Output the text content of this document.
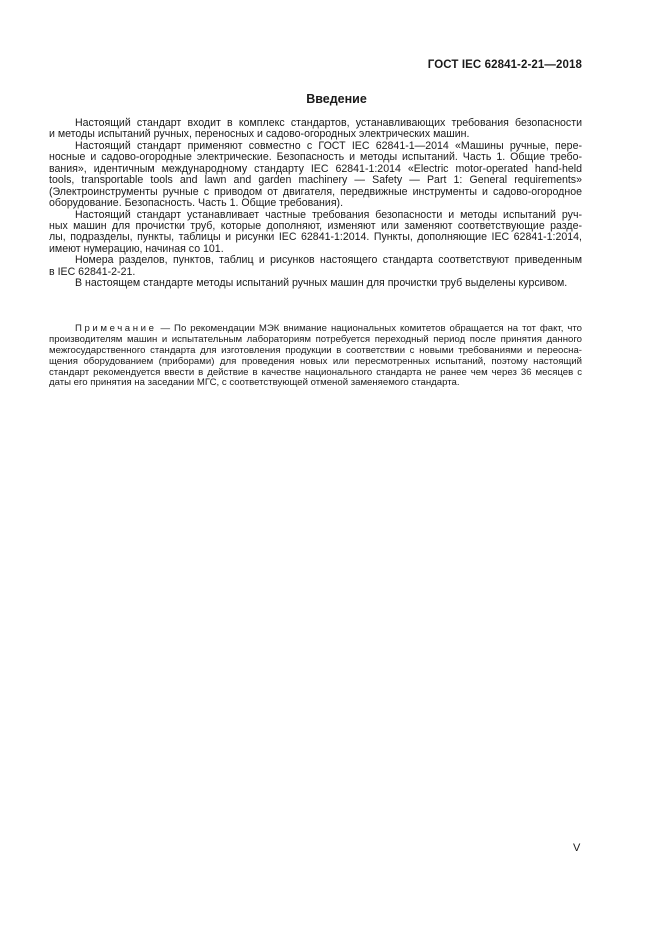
ГОСТ IEC 62841-2-21—2018
Введение
Настоящий стандарт входит в комплекс стандартов, устанавливающих требования безопасности
и методы испытаний ручных, переносных и садово-огородных электрических машин.
Настоящий стандарт применяют совместно с ГОСТ IEC 62841-1—2014 «Машины ручные, пере-
носные и садово-огородные электрические. Безопасность и методы испытаний. Часть 1. Общие требо-
вания», идентичным международному стандарту IEC 62841-1:2014 «Electric motor-operated hand-held
tools, transportable tools and lawn and garden machinery — Safety — Part 1: General requirements»
(Электроинструменты ручные с приводом от двигателя, передвижные инструменты и садово-огородное
оборудование. Безопасность. Часть 1. Общие требования).
Настоящий стандарт устанавливает частные требования безопасности и методы испытаний руч-
ных машин для прочистки труб, которые дополняют, изменяют или заменяют соответствующие разде-
лы, подразделы, пункты, таблицы и рисунки IEC 62841-1:2014. Пункты, дополняющие IEC 62841-1:2014,
имеют нумерацию, начиная со 101.
Номера разделов, пунктов, таблиц и рисунков настоящего стандарта соответствуют приведенным
в IEC 62841-2-21.
В настоящем стандарте методы испытаний ручных машин для прочистки труб выделены курсивом.
Примечание — По рекомендации МЭК внимание национальных комитетов обращается на тот факт, что
производителям машин и испытательным лабораториям потребуется переходный период после принятия данного
межгосударственного стандарта для изготовления продукции в соответствии с новыми требованиями и переосна-
щения оборудованием (приборами) для проведения новых или пересмотренных испытаний, поэтому настоящий
стандарт рекомендуется ввести в действие в качестве национального стандарта не ранее чем через 36 месяцев с
даты его принятия на заседании МГС, с соответствующей отменой заменяемого стандарта.
V
